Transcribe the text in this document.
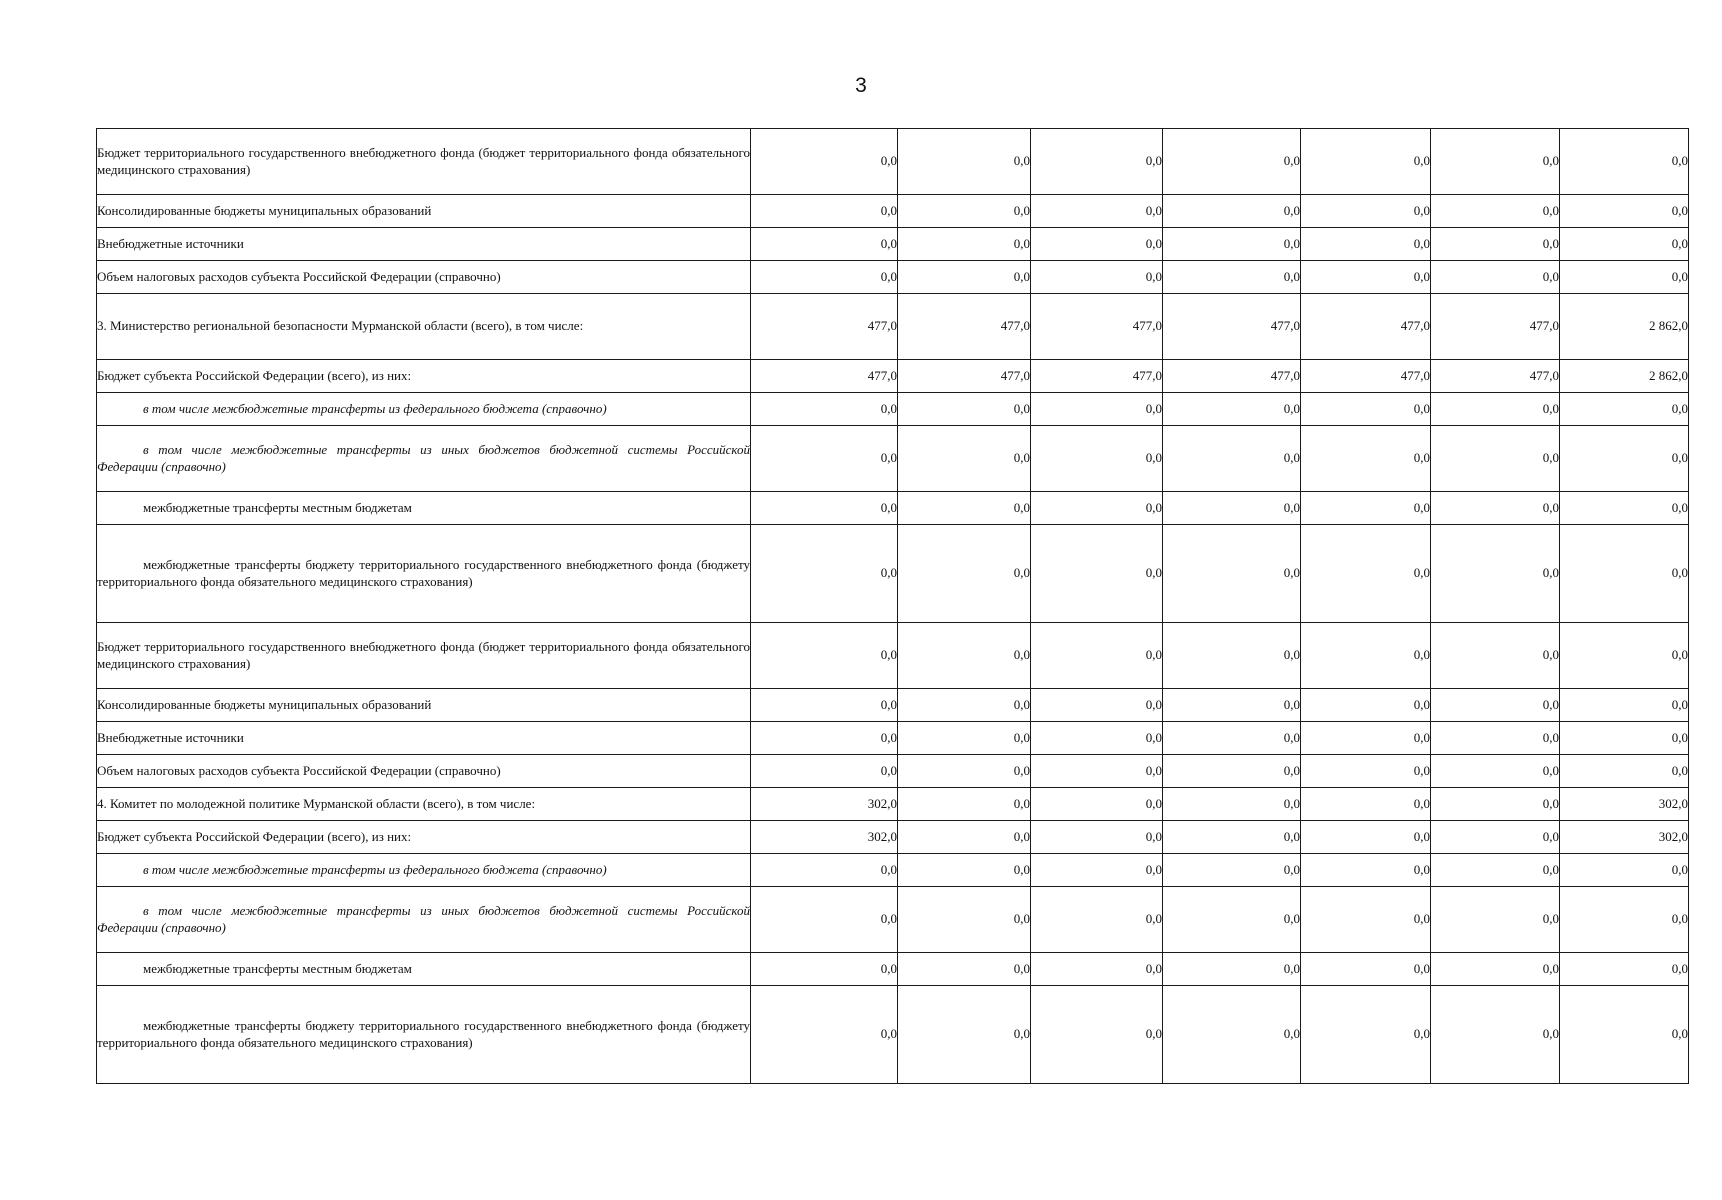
3
Бюджет территориального государственного внебюджетного фонда (бюджет территориального фонда обязательного медицинского страхования)	0,0	0,0	0,0	0,0	0,0	0,0	0,0
Консолидированные бюджеты муниципальных образований	0,0	0,0	0,0	0,0	0,0	0,0	0,0
Внебюджетные источники	0,0	0,0	0,0	0,0	0,0	0,0	0,0
Объем налоговых расходов субъекта Российской Федерации (справочно)	0,0	0,0	0,0	0,0	0,0	0,0	0,0
3. Министерство региональной безопасности Мурманской области (всего), в том числе:	477,0	477,0	477,0	477,0	477,0	477,0	2 862,0
Бюджет субъекта Российской Федерации (всего), из них:	477,0	477,0	477,0	477,0	477,0	477,0	2 862,0
в том числе межбюджетные трансферты из федерального бюджета (справочно)	0,0	0,0	0,0	0,0	0,0	0,0	0,0
в том числе межбюджетные трансферты из иных бюджетов бюджетной системы Российской Федерации (справочно)	0,0	0,0	0,0	0,0	0,0	0,0	0,0
межбюджетные трансферты местным бюджетам	0,0	0,0	0,0	0,0	0,0	0,0	0,0
межбюджетные трансферты бюджету территориального государственного внебюджетного фонда (бюджету территориального фонда обязательного медицинского страхования)	0,0	0,0	0,0	0,0	0,0	0,0	0,0
Бюджет территориального государственного внебюджетного фонда (бюджет территориального фонда обязательного медицинского страхования)	0,0	0,0	0,0	0,0	0,0	0,0	0,0
Консолидированные бюджеты муниципальных образований	0,0	0,0	0,0	0,0	0,0	0,0	0,0
Внебюджетные источники	0,0	0,0	0,0	0,0	0,0	0,0	0,0
Объем налоговых расходов субъекта Российской Федерации (справочно)	0,0	0,0	0,0	0,0	0,0	0,0	0,0
4. Комитет по молодежной политике Мурманской области (всего), в том числе:	302,0	0,0	0,0	0,0	0,0	0,0	302,0
Бюджет субъекта Российской Федерации (всего), из них:	302,0	0,0	0,0	0,0	0,0	0,0	302,0
в том числе межбюджетные трансферты из федерального бюджета (справочно)	0,0	0,0	0,0	0,0	0,0	0,0	0,0
в том числе межбюджетные трансферты из иных бюджетов бюджетной системы Российской Федерации (справочно)	0,0	0,0	0,0	0,0	0,0	0,0	0,0
межбюджетные трансферты местным бюджетам	0,0	0,0	0,0	0,0	0,0	0,0	0,0
межбюджетные трансферты бюджету территориального государственного внебюджетного фонда (бюджету территориального фонда обязательного медицинского страхования)	0,0	0,0	0,0	0,0	0,0	0,0	0,0
